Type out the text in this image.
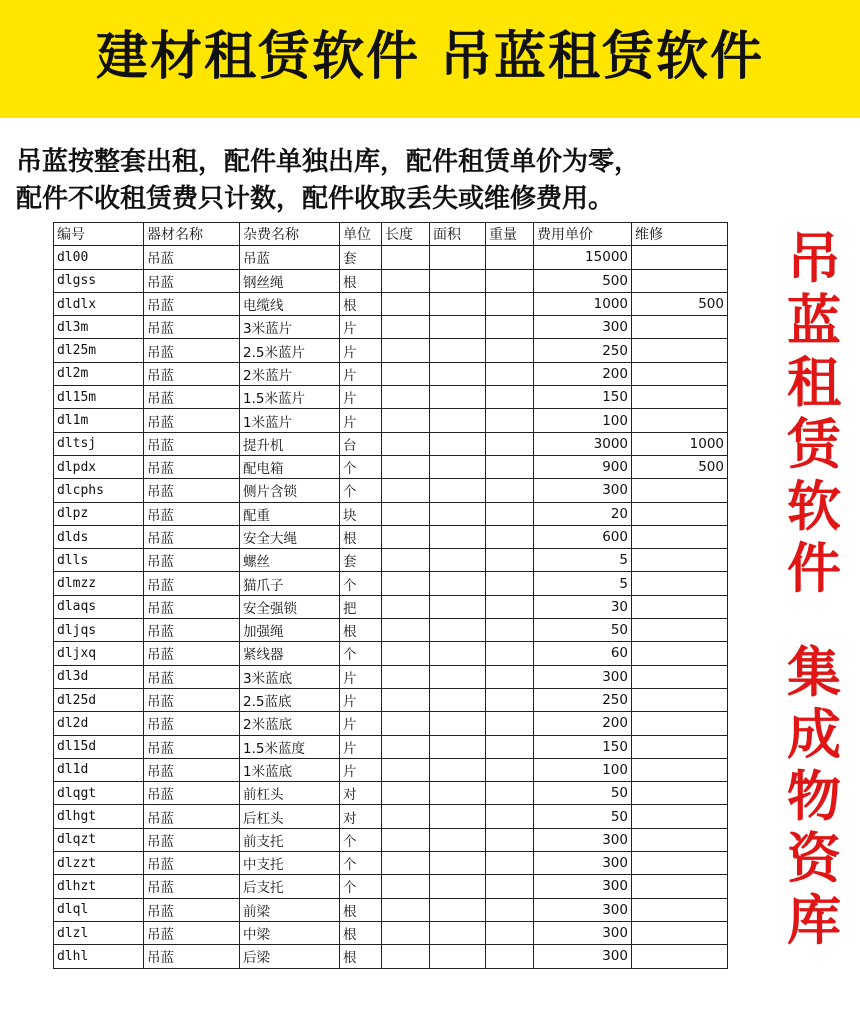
建材租赁软件 吊蓝租赁软件
吊蓝按整套出租，配件单独出库，配件租赁单价为零，
配件不收租赁费只计数，配件收取丢失或维修费用。
编号	器材名称	杂费名称	单位	长度	面积	重量	费用单价	维修
dl00	吊蓝	吊蓝	套				15000	
dlgss	吊蓝	钢丝绳	根				500	
dldlx	吊蓝	电缆线	根				1000	500
dl3m	吊蓝	3米蓝片	片				300	
dl25m	吊蓝	2.5米蓝片	片				250	
dl2m	吊蓝	2米蓝片	片				200	
dl15m	吊蓝	1.5米蓝片	片				150	
dl1m	吊蓝	1米蓝片	片				100	
dltsj	吊蓝	提升机	台				3000	1000
dlpdx	吊蓝	配电箱	个				900	500
dlcphs	吊蓝	侧片含锁	个				300	
dlpz	吊蓝	配重	块				20	
dlds	吊蓝	安全大绳	根				600	
dlls	吊蓝	螺丝	套				5	
dlmzz	吊蓝	猫爪子	个				5	
dlaqs	吊蓝	安全强锁	把				30	
dljqs	吊蓝	加强绳	根				50	
dljxq	吊蓝	紧线器	个				60	
dl3d	吊蓝	3米蓝底	片				300	
dl25d	吊蓝	2.5蓝底	片				250	
dl2d	吊蓝	2米蓝底	片				200	
dl15d	吊蓝	1.5米蓝度	片				150	
dl1d	吊蓝	1米蓝底	片				100	
dlqgt	吊蓝	前杠头	对				50	
dlhgt	吊蓝	后杠头	对				50	
dlqzt	吊蓝	前支托	个				300	
dlzzt	吊蓝	中支托	个				300	
dlhzt	吊蓝	后支托	个				300	
dlql	吊蓝	前梁	根				300	
dlzl	吊蓝	中梁	根				300	
dlhl	吊蓝	后梁	根				300	
吊
蓝
租
赁
软
件
集
成
物
资
库
